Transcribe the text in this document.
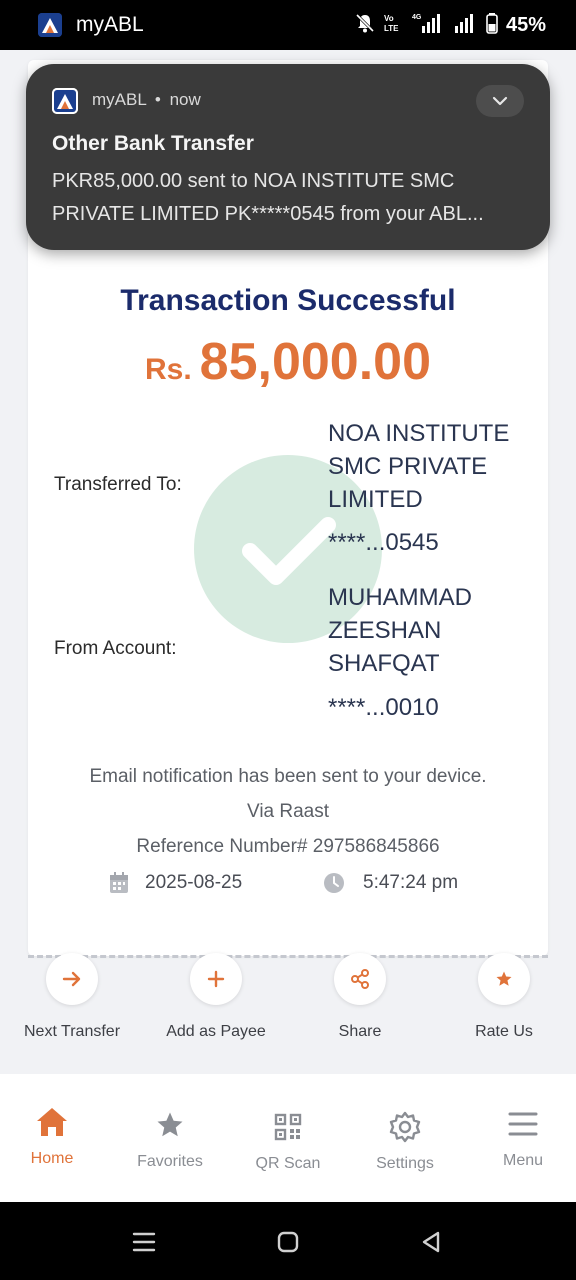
myABL	Vo
LTE
4G	45%
Transaction Successful
Rs. 85,000.00
Transferred To:
NOA INSTITUTE SMC PRIVATE LIMITED
****...0545
From Account:
MUHAMMAD ZEESHAN SHAFQAT
****...0010
Email notification has been sent to your device.
Via Raast
Reference Number# 297586845866
2025-08-25	5:47:24 pm
Next Transfer	Add as Payee	Share	Rate Us
Home	Favorites	QR Scan	Settings	Menu
myABL • now
Other Bank Transfer
PKR85,000.00 sent to NOA INSTITUTE SMC PRIVATE LIMITED PK*****0545 from your ABL...
